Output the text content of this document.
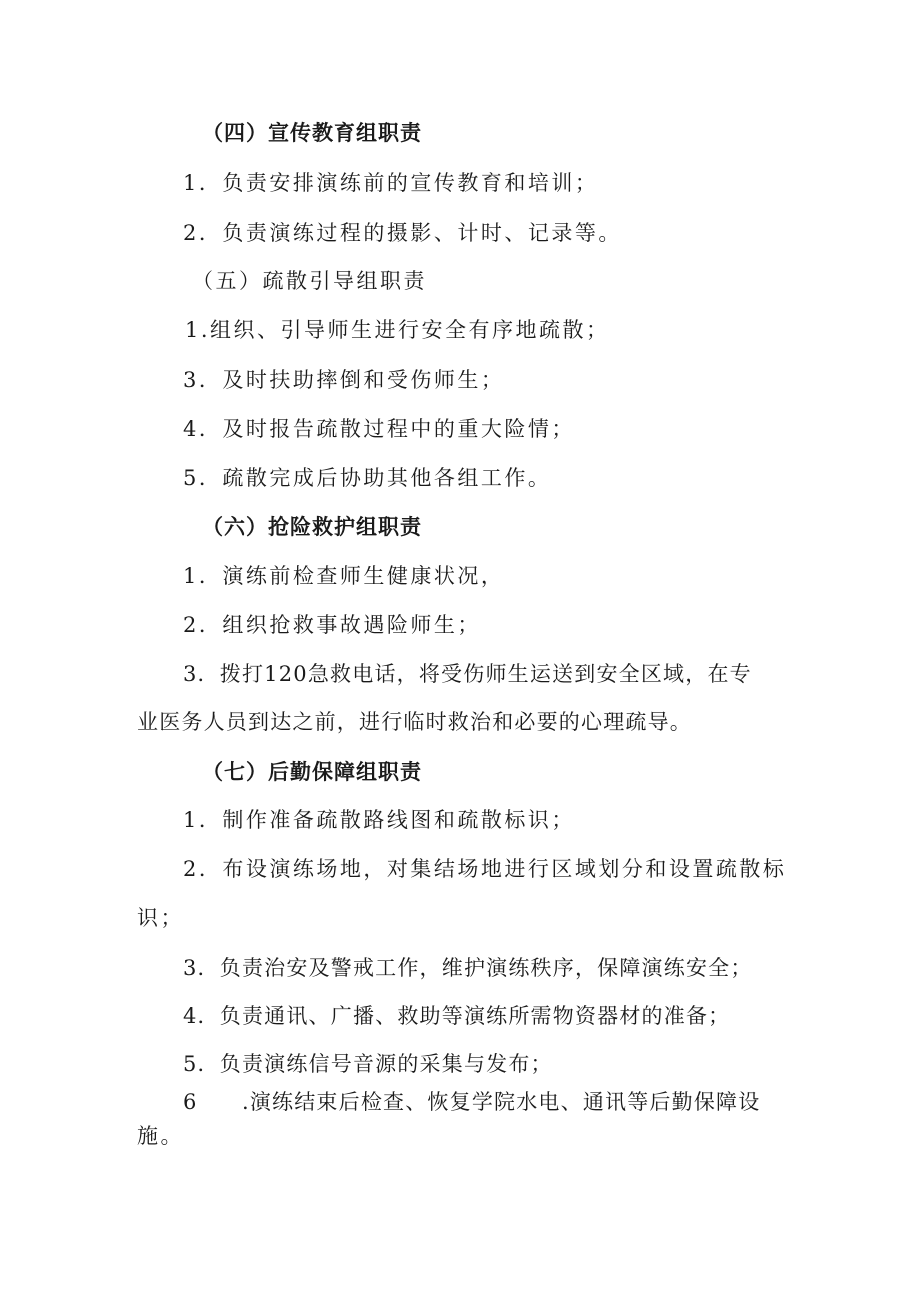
（四）宣传教育组职责
1．负责安排演练前的宣传教育和培训；
2．负责演练过程的摄影、计时、记录等。
（五）疏散引导组职责
1.组织、引导师生进行安全有序地疏散；
3．及时扶助摔倒和受伤师生；
4．及时报告疏散过程中的重大险情；
5．疏散完成后协助其他各组工作。
（六）抢险救护组职责
1．演练前检查师生健康状况，
2．组织抢救事故遇险师生；
3．拨打120急救电话，将受伤师生运送到安全区域，在专
业医务人员到达之前，进行临时救治和必要的心理疏导。
（七）后勤保障组职责
1．制作准备疏散路线图和疏散标识；
2．布设演练场地，对集结场地进行区域划分和设置疏散标
识；
3．负责治安及警戒工作，维护演练秩序，保障演练安全；
4．负责通讯、广播、救助等演练所需物资器材的准备；
5．负责演练信号音源的采集与发布；
6　　.演练结束后检查、恢复学院水电、通讯等后勤保障设
施。
